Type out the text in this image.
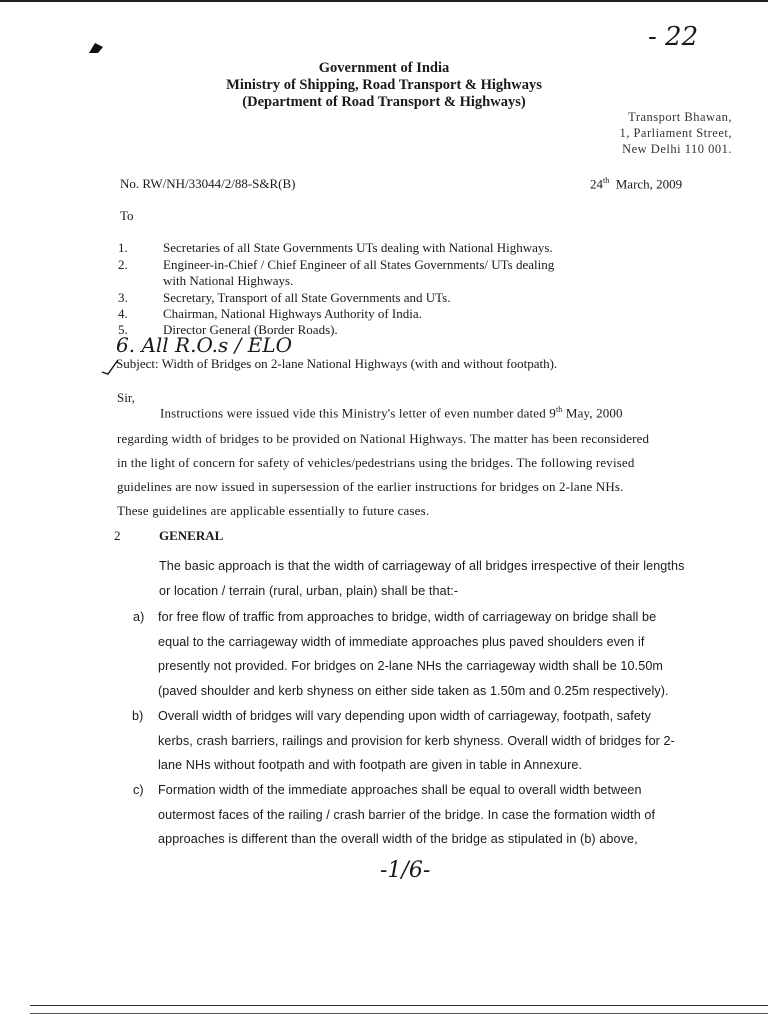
- 22
Government of India
Ministry of Shipping, Road Transport & Highways
(Department of Road Transport & Highways)
Transport Bhawan,
1, Parliament Street,
New Delhi 110 001.
No. RW/NH/33044/2/88-S&R(B)	24th March, 2009
To
1.	Secretaries of all State Governments UTs dealing with National Highways.
2.	Engineer-in-Chief / Chief Engineer of all States Governments/ UTs dealing
with National Highways.
3.	Secretary, Transport of all State Governments and UTs.
4.	Chairman, National Highways Authority of India.
5.	Director General (Border Roads).
6. All R.O.s / ELO
Subject: Width of Bridges on 2-lane National Highways (with and without footpath).
Sir,
Instructions were issued vide this Ministry's letter of even number dated 9th May, 2000
regarding width of bridges to be provided on National Highways. The matter has been reconsidered
in the light of concern for safety of vehicles/pedestrians using the bridges. The following revised
guidelines are now issued in supersession of the earlier instructions for bridges on 2-lane NHs.
These guidelines are applicable essentially to future cases.
2	GENERAL
The basic approach is that the width of carriageway of all bridges irrespective of their lengths
or location / terrain (rural, urban, plain) shall be that:-
a) for free flow of traffic from approaches to bridge, width of carriageway on bridge shall be
equal to the carriageway width of immediate approaches plus paved shoulders even if
presently not provided. For bridges on 2-lane NHs the carriageway width shall be 10.50m
(paved shoulder and kerb shyness on either side taken as 1.50m and 0.25m respectively).
b) Overall width of bridges will vary depending upon width of carriageway, footpath, safety
kerbs, crash barriers, railings and provision for kerb shyness. Overall width of bridges for 2-
lane NHs without footpath and with footpath are given in table in Annexure.
c) Formation width of the immediate approaches shall be equal to overall width between
outermost faces of the railing / crash barrier of the bridge. In case the formation width of
approaches is different than the overall width of the bridge as stipulated in (b) above,
-1/6-
